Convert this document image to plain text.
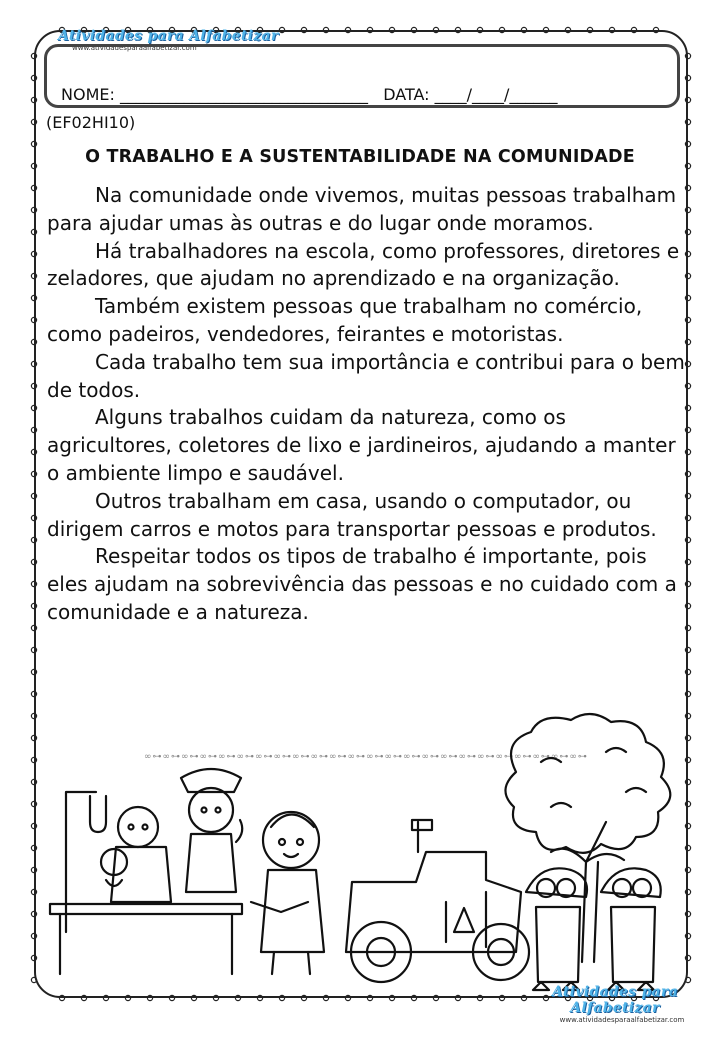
Atividades para Alfabetizar
www.atividadesparaalfabetizar.com
NOME: _______________________________ DATA: ____/____/______
(EF02HI10)
O TRABALHO E A SUSTENTABILIDADE NA COMUNIDADE

Na comunidade onde vivemos, muitas pessoas trabalham para ajudar umas às outras e do lugar onde moramos.

Há trabalhadores na escola, como professores, diretores e zeladores, que ajudam no aprendizado e na organização.

Também existem pessoas que trabalham no comércio, como padeiros, vendedores, feirantes e motoristas.

Cada trabalho tem sua importância e contribui para o bem de todos.

Alguns trabalhos cuidam da natureza, como os agricultores, coletores de lixo e jardineiros, ajudando a manter o ambiente limpo e saudável.

Outros trabalham em casa, usando o computador, ou dirigem carros e motos para transportar pessoas e produtos.

Respeitar todos os tipos de trabalho é importante, pois eles ajudam na sobrevivência das pessoas e no cuidado com a comunidade e a natureza.

∞⊶∞⊶∞⊶∞⊶∞⊶∞⊶∞⊶∞⊶∞⊶∞⊶∞⊶∞⊶∞⊶∞⊶∞⊶∞⊶∞⊶∞⊶∞⊶∞⊶∞⊶∞⊶∞⊶∞⊶
Atividades para Alfabetizar
www.atividadesparaalfabetizar.com
